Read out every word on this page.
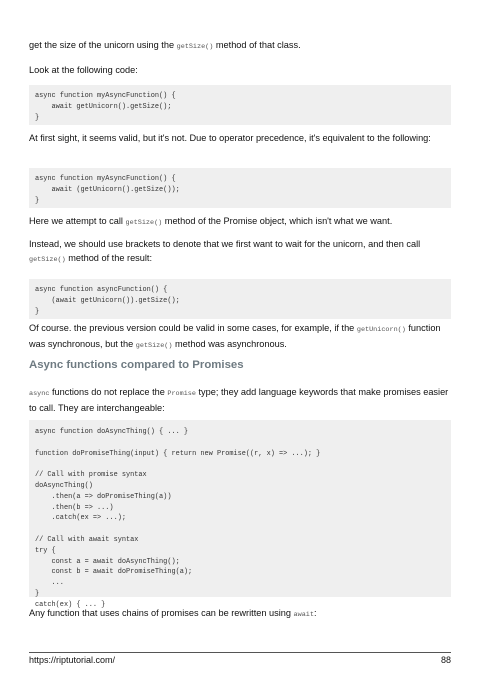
get the size of the unicorn using the getSize() method of that class.

Look at the following code:

async function myAsyncFunction() {
await getUnicorn().getSize();
}

At first sight, it seems valid, but it's not. Due to operator precedence, it's equivalent to the following:

async function myAsyncFunction() {
await (getUnicorn().getSize());
}

Here we attempt to call getSize() method of the Promise object, which isn't what we want.

Instead, we should use brackets to denote that we first want to wait for the unicorn, and then call getSize() method of the result:

async function asyncFunction() {
(await getUnicorn()).getSize();
}

Of course. the previous version could be valid in some cases, for example, if the getUnicorn() function was synchronous, but the getSize() method was asynchronous.

Async functions compared to Promises

async functions do not replace the Promise type; they add language keywords that make promises easier to call. They are interchangeable:

async function doAsyncThing() { ... }

function doPromiseThing(input) { return new Promise((r, x) => ...); }

// Call with promise syntax
doAsyncThing()
.then(a => doPromiseThing(a))
.then(b => ...)
.catch(ex => ...);

// Call with await syntax
try {
const a = await doAsyncThing();
const b = await doPromiseThing(a);
...
}
catch(ex) { ... }

Any function that uses chains of promises can be rewritten using await:

https://riptutorial.com/	88
